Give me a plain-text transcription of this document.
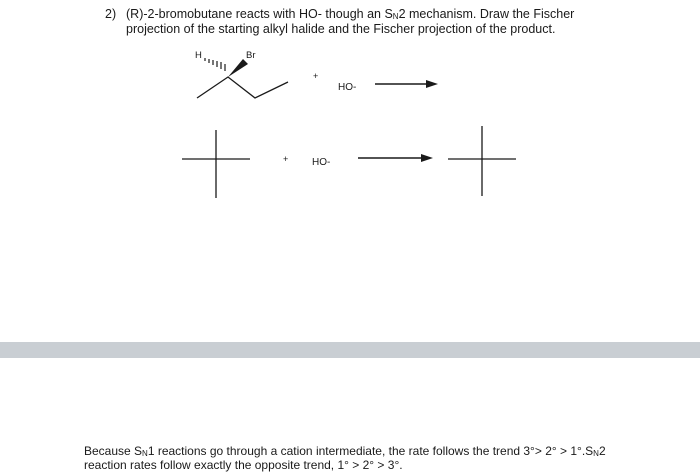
2) (R)-2-bromobutane reacts with HO- though an $S_N2$ mechanism. Draw the Fischer
projection of the starting alkyl halide and the Fischer projection of the product.
H	Br
+
HO-
+ HO-
Because $S_N1$ reactions go through a cation intermediate, the rate follows the trend $3^\circ> 2^\circ > 1^\circ.S_N2$
reaction rates follow exactly the opposite trend, 1° > 2° > 3°.
